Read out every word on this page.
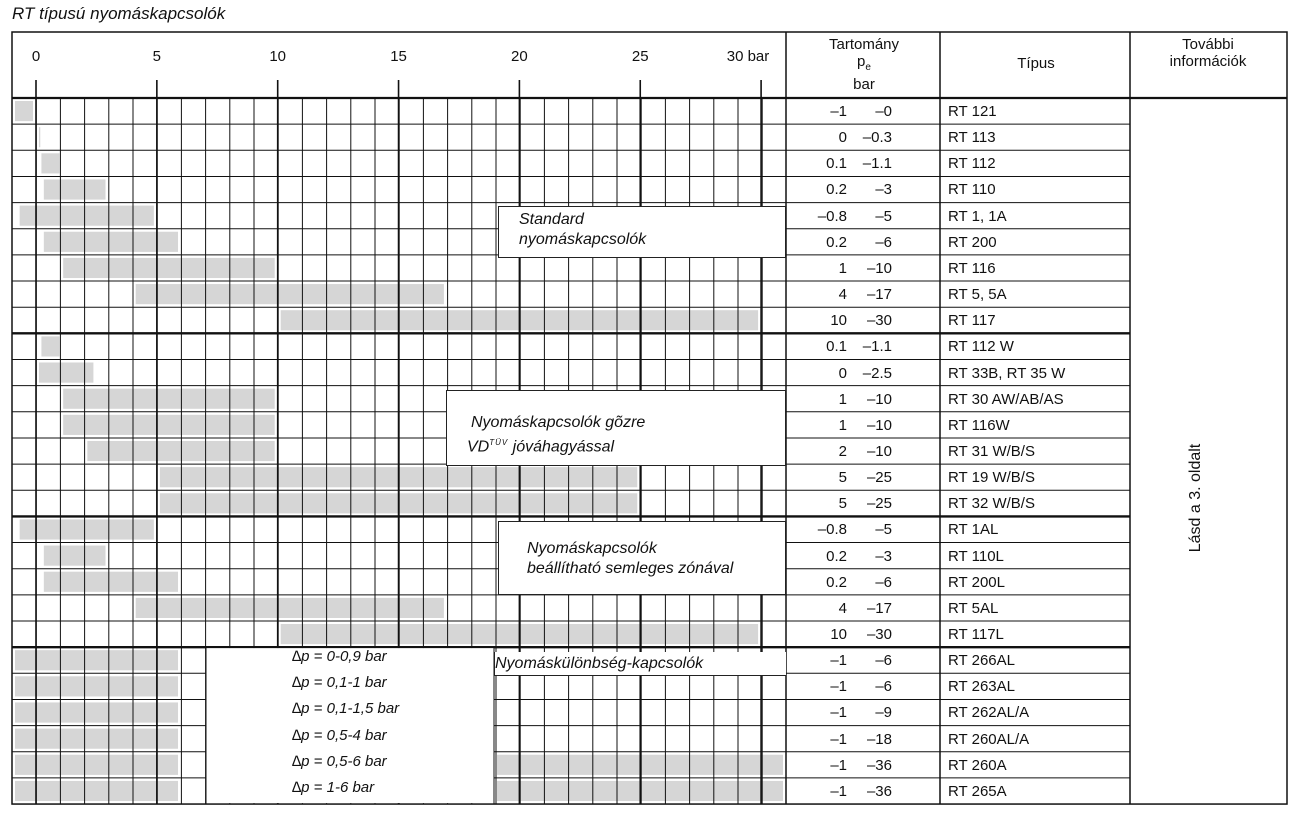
RT típusú nyomáskapcsolók
Tartomány
$p_e$
bar
Típus
További információk
0	5	10	15	20	25	30 bar
–1	–0	RT 121
0	–0.3	RT 113
0.1	–1.1	RT 112
0.2	–3	RT 110
–0.8	–5	RT 1, 1A
0.2	–6	RT 200
1	–10	RT 116
4	–17	RT 5, 5A
10	–30	RT 117
0.1	–1.1	RT 112 W
0	–2.5	RT 33B, RT 35 W
1	–10	RT 30 AW/AB/AS
1	–10	RT 116W
2	–10	RT 31 W/B/S
5	–25	RT 19 W/B/S
5	–25	RT 32 W/B/S
–0.8	–5	RT 1AL
0.2	–3	RT 110L
0.2	–6	RT 200L
4	–17	RT 5AL
10	–30	RT 117L
–1	–6	RT 266AL
–1	–6	RT 263AL
–1	–9	RT 262AL/A
–1	–18	RT 260AL/A
–1	–36	RT 260A
–1	–36	RT 265A
Standard
nyomáskapcsolók
Nyomáskapcsolók gõzre
$VD^{TÜV}$ jóváhagyással
Nyomáskapcsolók
beállítható semleges zónával
Nyomáskülönbség-kapcsolók
∆p = 0-0,9 bar
∆p = 0,1-1 bar
∆p = 0,1-1,5 bar
∆p = 0,5-4 bar
∆p = 0,5-6 bar
∆p = 1-6 bar
Lásd a 3. oldalt
